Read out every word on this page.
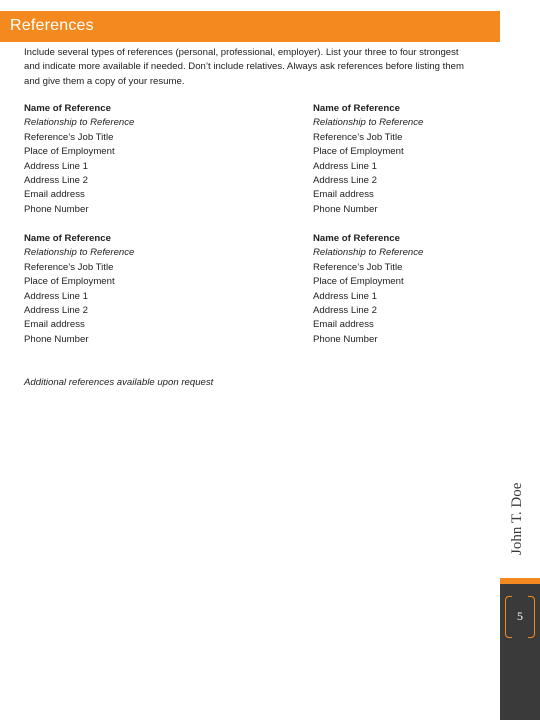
References
Include several types of references (personal, professional, employer). List your three to four strongest and indicate more available if needed. Don’t include relatives. Always ask references before listing them and give them a copy of your resume.
Name of Reference
Relationship to Reference
Reference’s Job Title
Place of Employment
Address Line 1
Address Line 2
Email address
Phone Number
Name of Reference
Relationship to Reference
Reference’s Job Title
Place of Employment
Address Line 1
Address Line 2
Email address
Phone Number
Name of Reference
Relationship to Reference
Reference’s Job Title
Place of Employment
Address Line 1
Address Line 2
Email address
Phone Number
Name of Reference
Relationship to Reference
Reference’s Job Title
Place of Employment
Address Line 1
Address Line 2
Email address
Phone Number
Additional references available upon request
John T. Doe
5
